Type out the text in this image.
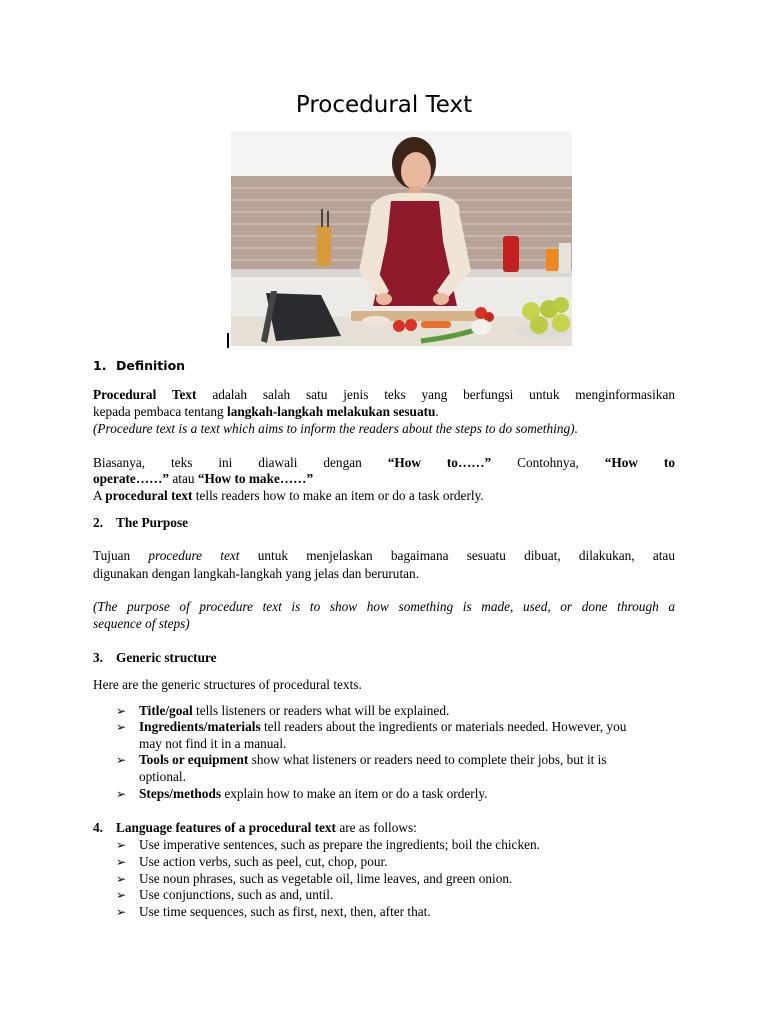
Procedural Text
1. Definition
Procedural Text adalah salah satu jenis teks yang berfungsi untuk menginformasikan
kepada pembaca tentang langkah-langkah melakukan sesuatu.
(Procedure text is a text which aims to inform the readers about the steps to do something).
Biasanya, teks ini diawali dengan “How to……” Contohnya, “How to
operate……” atau “How to make……”
A procedural text tells readers how to make an item or do a task orderly.
2. The Purpose
Tujuan procedure text untuk menjelaskan bagaimana sesuatu dibuat, dilakukan, atau
digunakan dengan langkah-langkah yang jelas dan berurutan.
(The purpose of procedure text is to show how something is made, used, or done through a
sequence of steps)
3. Generic structure
Here are the generic structures of procedural texts.
➢ Title/goal tells listeners or readers what will be explained.
➢ Ingredients/materials tell readers about the ingredients or materials needed. However, you
may not find it in a manual.
➢ Tools or equipment show what listeners or readers need to complete their jobs, but it is
optional.
➢ Steps/methods explain how to make an item or do a task orderly.
4. Language features of a procedural text are as follows:
➢ Use imperative sentences, such as prepare the ingredients; boil the chicken.
➢ Use action verbs, such as peel, cut, chop, pour.
➢ Use noun phrases, such as vegetable oil, lime leaves, and green onion.
➢ Use conjunctions, such as and, until.
➢ Use time sequences, such as first, next, then, after that.
